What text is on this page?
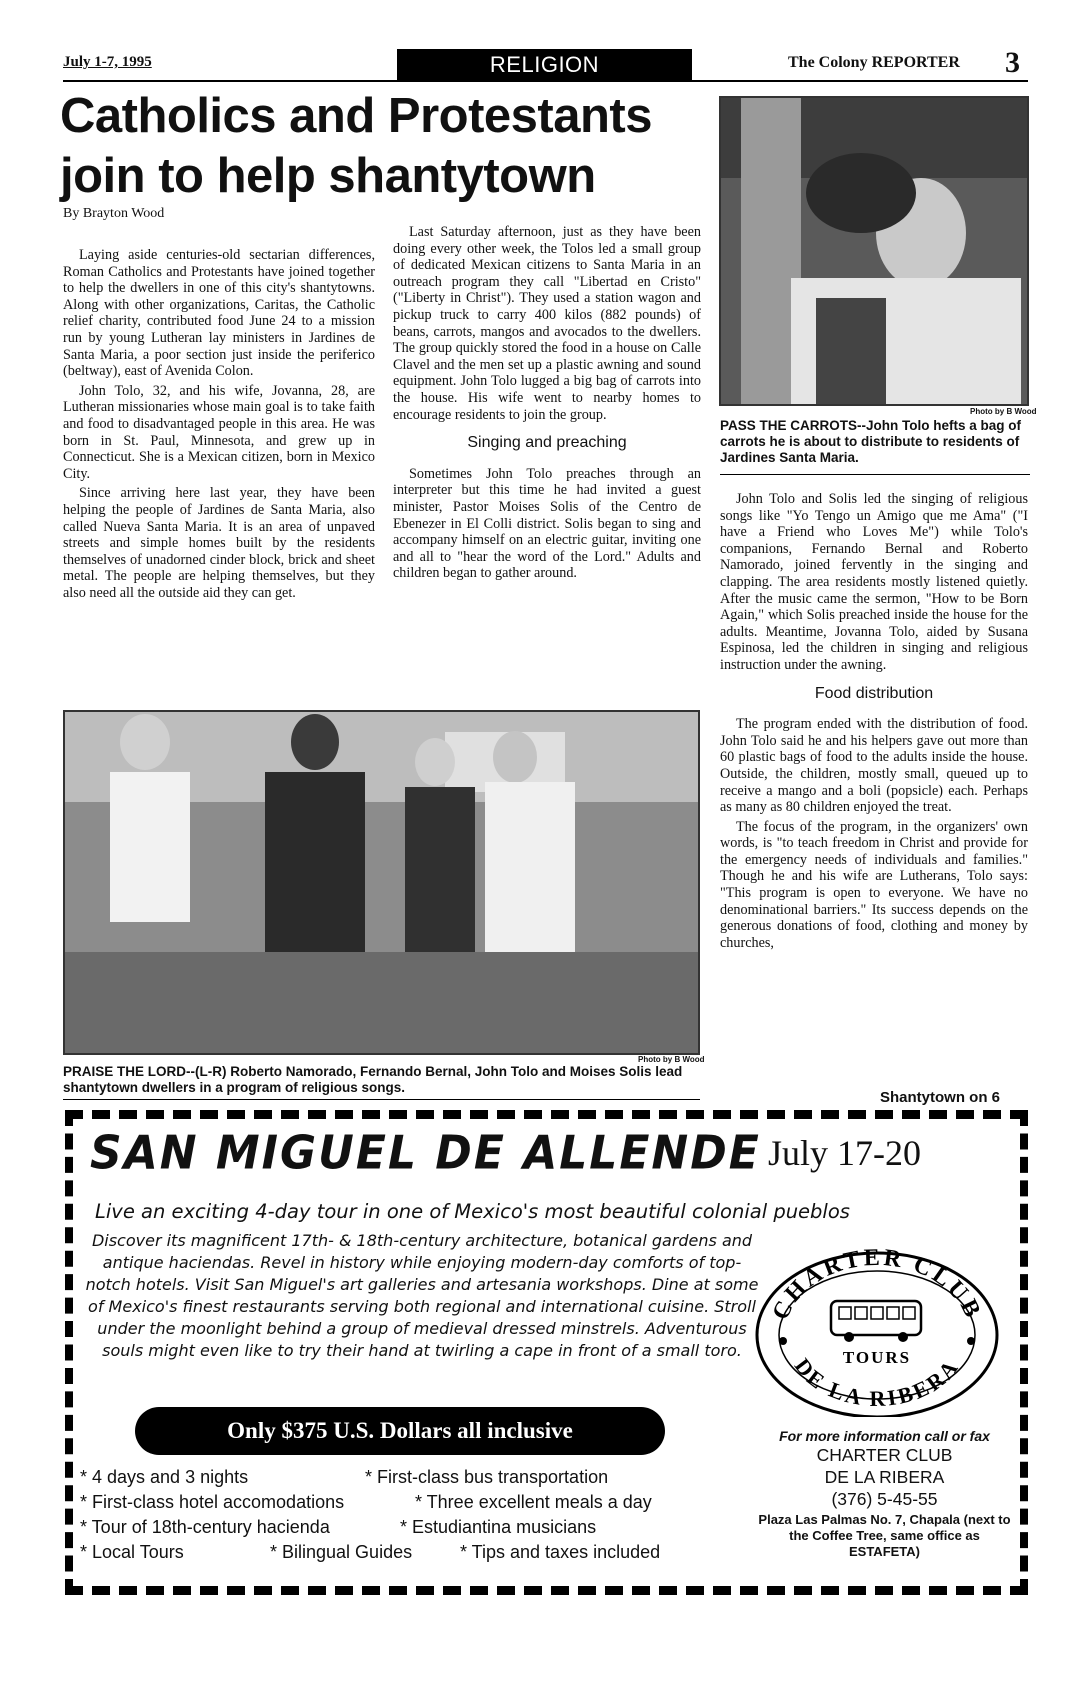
July 1-7, 1995	RELIGION	The Colony REPORTER 3
Catholics and Protestants
join to help shantytown
By Brayton Wood

Laying aside centuries-old sectarian differences, Roman Catholics and Protestants have joined together to help the dwellers in one of this city's shantytowns. Along with other organizations, Caritas, the Catholic relief charity, contributed food June 24 to a mission run by young Lutheran lay ministers in Jardines de Santa Maria, a poor section just inside the periferico (beltway), east of Avenida Colon.

John Tolo, 32, and his wife, Jovanna, 28, are Lutheran missionaries whose main goal is to take faith and food to disadvantaged people in this area. He was born in St. Paul, Minnesota, and grew up in Connecticut. She is a Mexican citizen, born in Mexico City.

Since arriving here last year, they have been helping the people of Jardines de Santa Maria, also called Nueva Santa Maria. It is an area of unpaved streets and simple homes built by the residents themselves of unadorned cinder block, brick and sheet metal. The people are helping themselves, but they also need all the outside aid they can get.

Last Saturday afternoon, just as they have been doing every other week, the Tolos led a small group of dedicated Mexican citizens to Santa Maria in an outreach program they call "Libertad en Cristo" ("Liberty in Christ"). They used a station wagon and pickup truck to carry 400 kilos (882 pounds) of beans, carrots, mangos and avocados to the dwellers. The group quickly stored the food in a house on Calle Clavel and the men set up a plastic awning and sound equipment. John Tolo lugged a big bag of carrots into the house. His wife went to nearby homes to encourage residents to join the group.

Singing and preaching

Sometimes John Tolo preaches through an interpreter but this time he had invited a guest minister, Pastor Moises Solis of the Centro de Ebenezer in El Colli district. Solis began to sing and accompany himself on an electric guitar, inviting one and all to "hear the word of the Lord." Adults and children began to gather around.

Photo by B Wood
PASS THE CARROTS--John Tolo hefts a bag of carrots he is about to distribute to residents of Jardines Santa Maria.

John Tolo and Solis led the singing of religious songs like "Yo Tengo un Amigo que me Ama" ("I have a Friend who Loves Me") while Tolo's companions, Fernando Bernal and Roberto Namorado, joined fervently in the singing and clapping. The area residents mostly listened quietly. After the music came the sermon, "How to be Born Again," which Solis preached inside the house for the adults. Meantime, Jovanna Tolo, aided by Susana Espinosa, led the children in singing and religious instruction under the awning.

Food distribution

The program ended with the distribution of food. John Tolo said he and his helpers gave out more than 60 plastic bags of food to the adults inside the house. Outside, the children, mostly small, queued up to receive a mango and a boli (popsicle) each. Perhaps as many as 80 children enjoyed the treat.

The focus of the program, in the organizers' own words, is "to teach freedom in Christ and provide for the emergency needs of individuals and families." Though he and his wife are Lutherans, Tolo says: "This program is open to everyone. We have no denominational barriers." Its success depends on the generous donations of food, clothing and money by churches,

Photo by B Wood
PRAISE THE LORD--(L-R) Roberto Namorado, Fernando Bernal, John Tolo and Moises Solis lead shantytown dwellers in a program of religious songs.
Shantytown on 6
SAN MIGUEL DE ALLENDE July 17-20
Live an exciting 4-day tour in one of Mexico's most beautiful colonial pueblos
Discover its magnificent 17th- & 18th-century architecture, botanical gardens and antique haciendas. Revel in history while enjoying modern-day comforts of top-notch hotels. Visit San Miguel's art galleries and artesania workshops. Dine at some of Mexico's finest restaurants serving both regional and international cuisine. Stroll under the moonlight behind a group of medieval dressed minstrels. Adventurous souls might even like to try their hand at twirling a cape in front of a small toro.
Only $375 U.S. Dollars all inclusive
* 4 days and 3 nights	* First-class bus transportation
* First-class hotel accomodations	* Three excellent meals a day
* Tour of 18th-century hacienda	* Estudiantina musicians
* Local Tours	* Bilingual Guides	* Tips and taxes included
CHARTER CLUB
DE LA RIBERA
TOURS
For more information call or fax
CHARTER CLUB
DE LA RIBERA
(376) 5-45-55
Plaza Las Palmas No. 7, Chapala (next to the Coffee Tree, same office as ESTAFETA)
